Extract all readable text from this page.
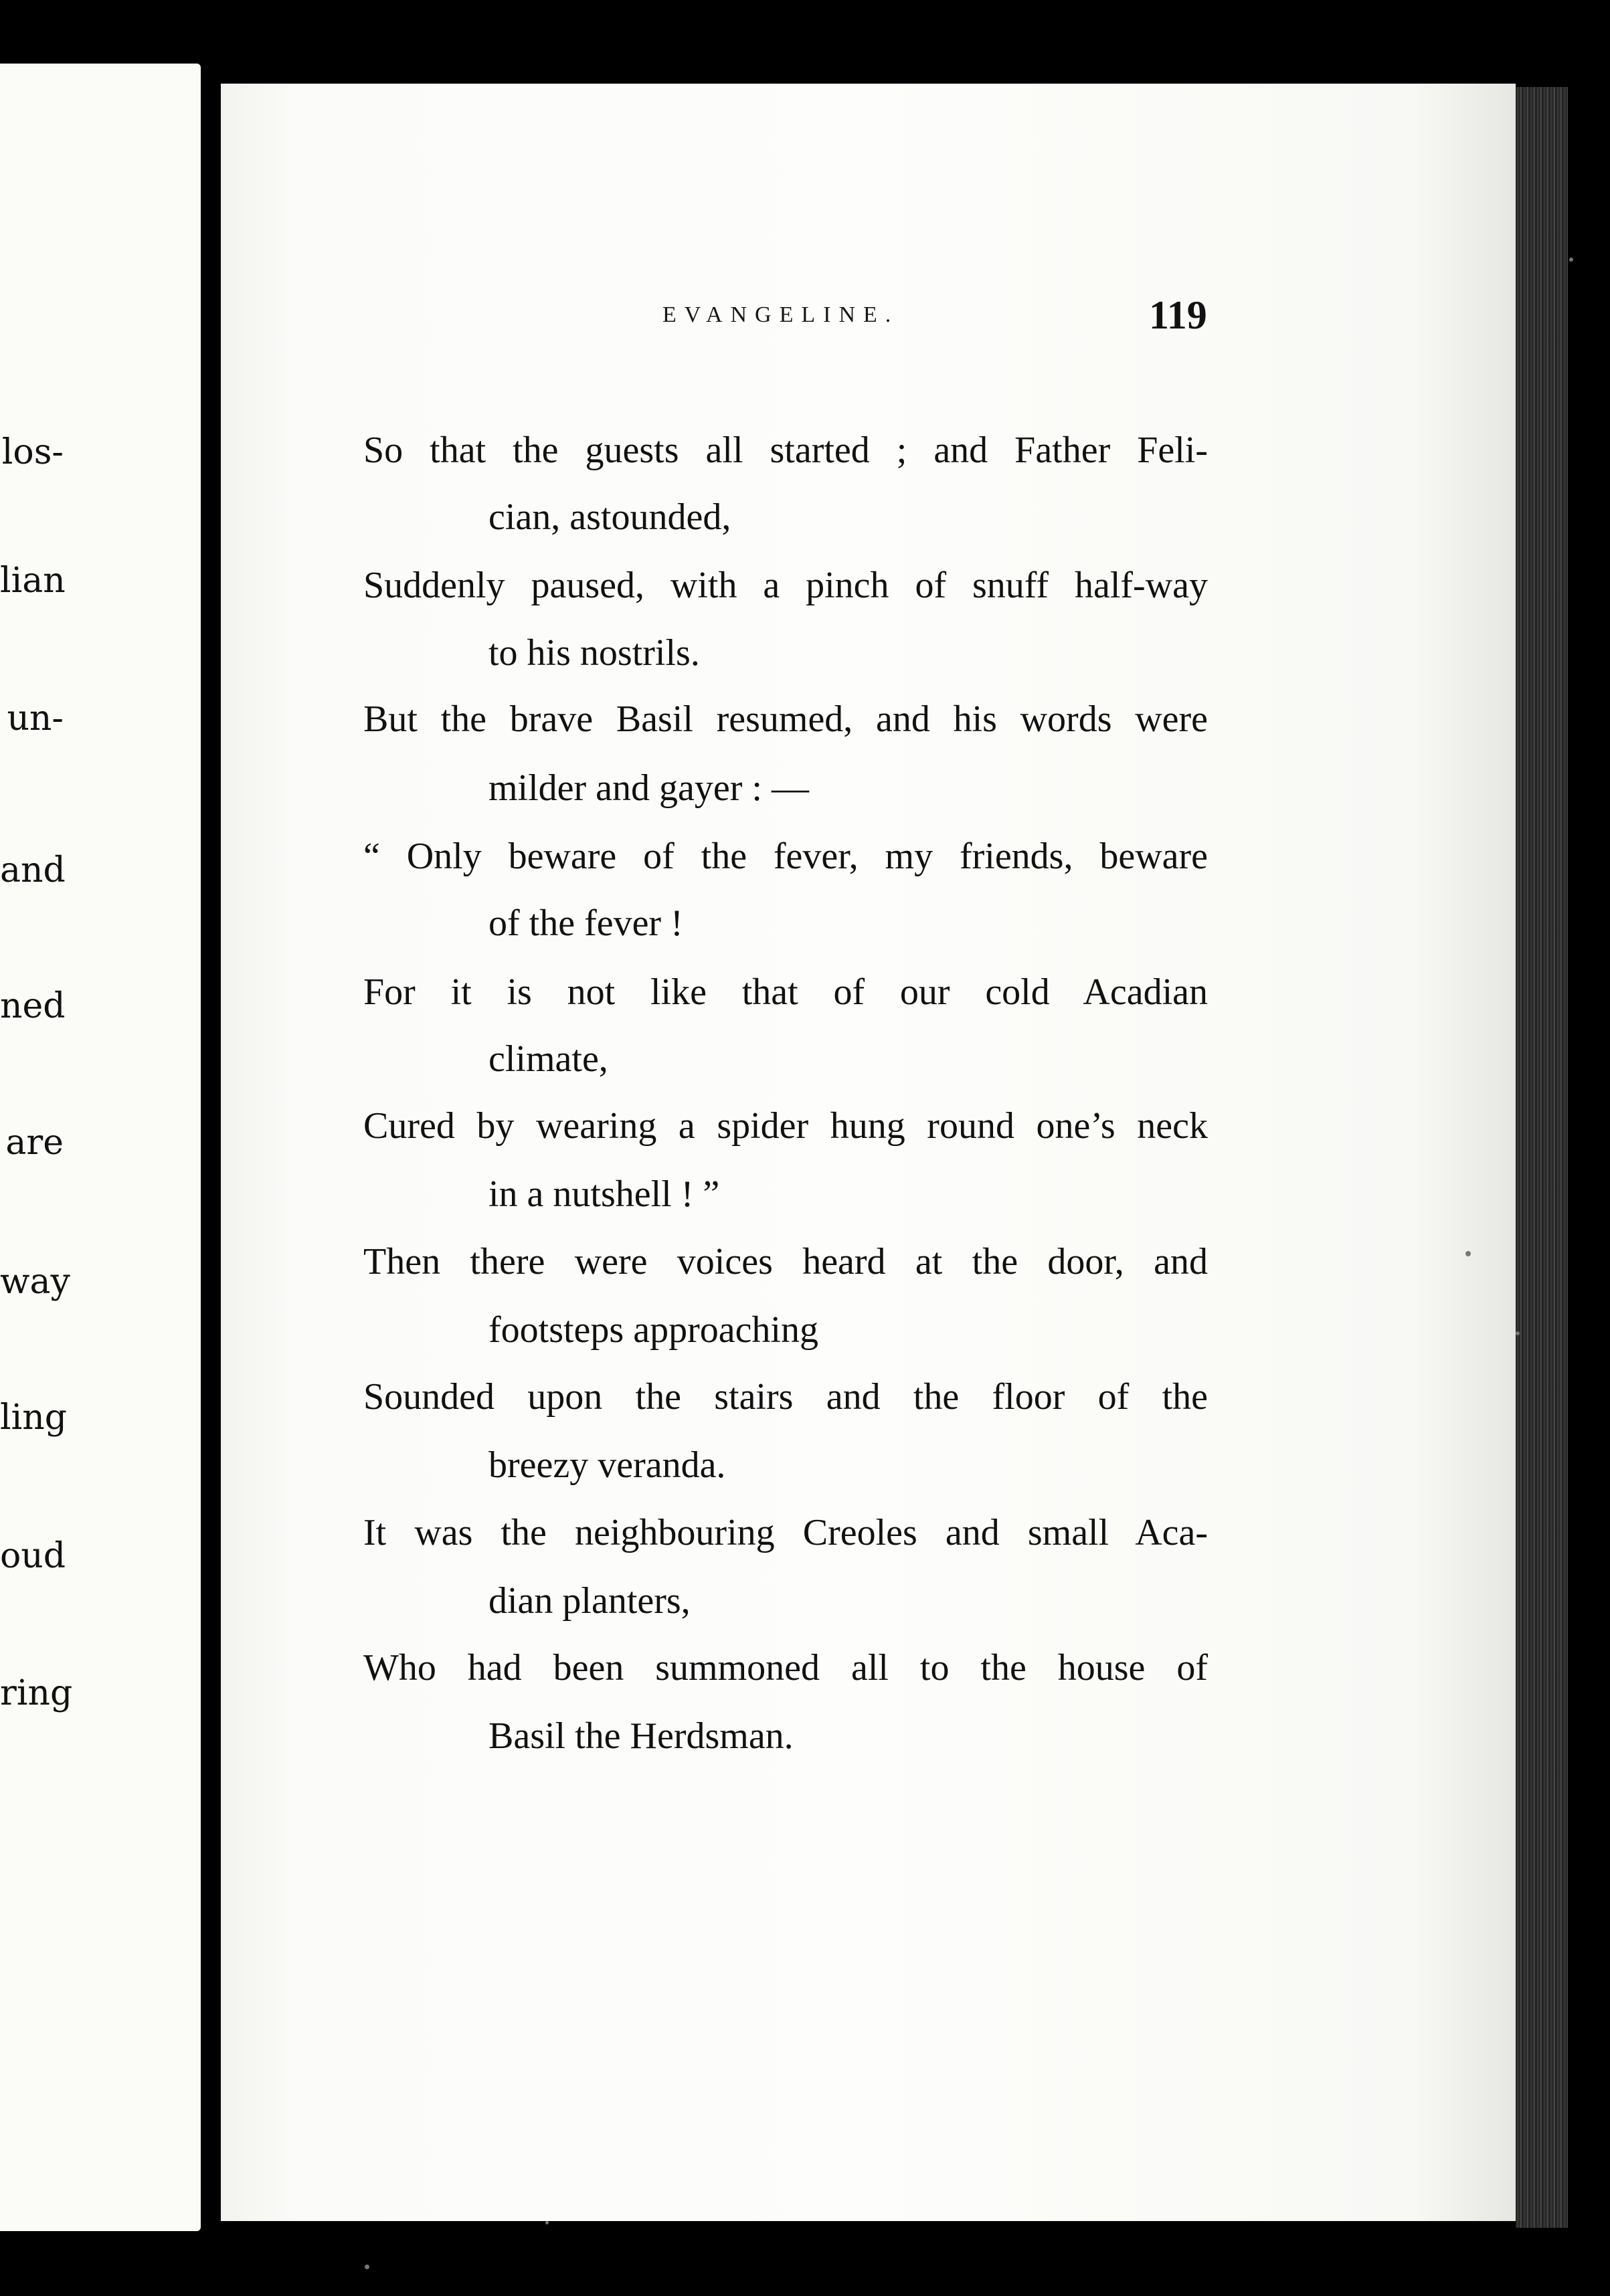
los-
lian
un-
and
ned
are
way
ling
oud
ring
EVANGELINE.	119
So that the guests all started ; and Father Feli-
cian, astounded,
Suddenly paused, with a pinch of snuff half-way
to his nostrils.
But the brave Basil resumed, and his words were
milder and gayer : —
“ Only beware of the fever, my friends, beware
of the fever !
For it is not like that of our cold Acadian
climate,
Cured by wearing a spider hung round one’s neck
in a nutshell ! ”
Then there were voices heard at the door, and
footsteps approaching
Sounded upon the stairs and the floor of the
breezy veranda.
It was the neighbouring Creoles and small Aca-
dian planters,
Who had been summoned all to the house of
Basil the Herdsman.
